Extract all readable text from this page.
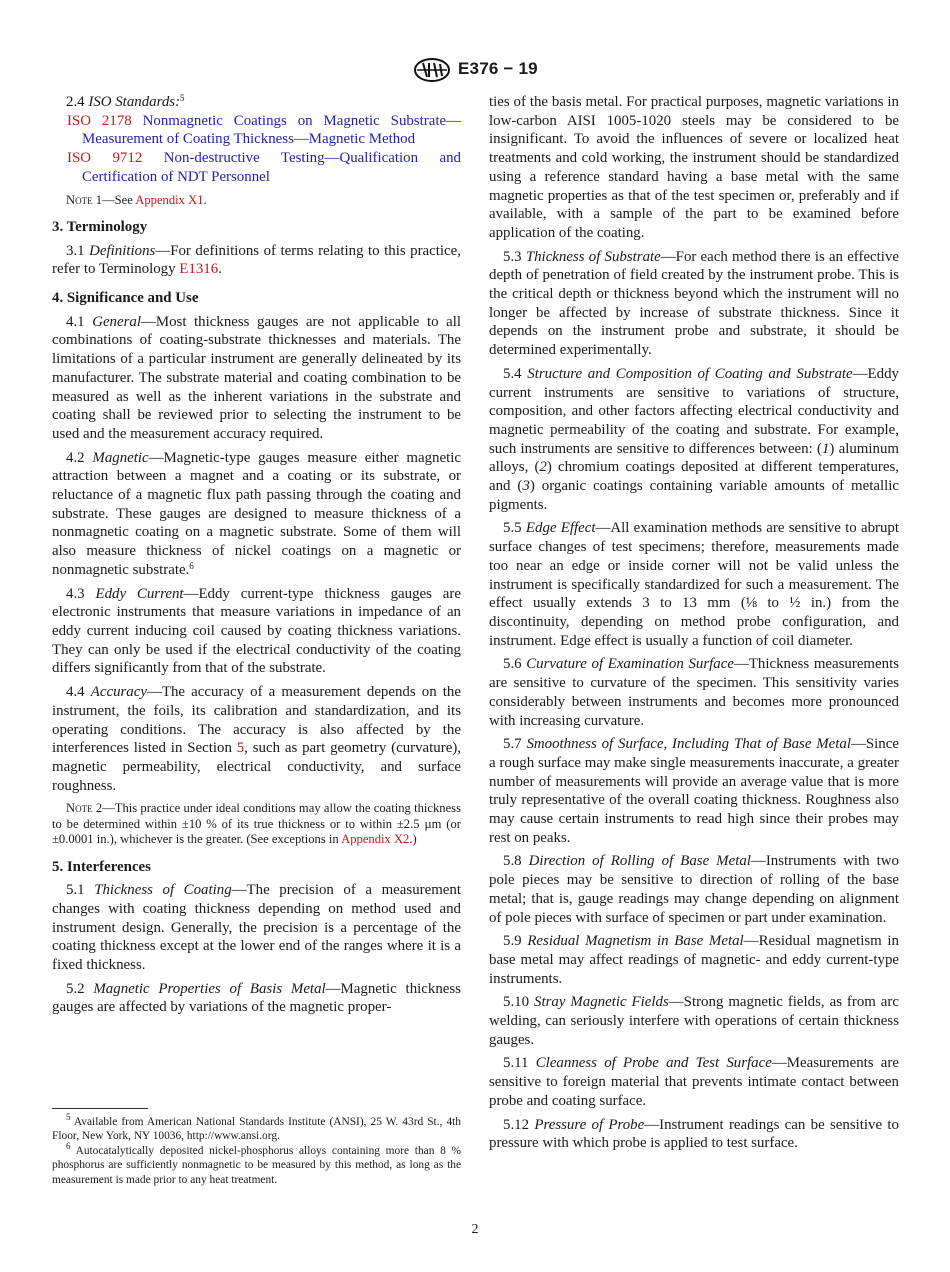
E376 − 19

2.4 ISO Standards:$^5$

ISO 2178 Nonmagnetic Coatings on Magnetic Substrate—Measurement of Coating Thickness—Magnetic Method

ISO 9712 Non-destructive Testing—Qualification and Certification of NDT Personnel

Note 1—See Appendix X1.

3. Terminology

3.1 Definitions—For definitions of terms relating to this practice, refer to Terminology E1316.

4. Significance and Use

4.1 General—Most thickness gauges are not applicable to all combinations of coating-substrate thicknesses and materials. The limitations of a particular instrument are generally delineated by its manufacturer. The substrate material and coating combination to be measured as well as the inherent variations in the substrate and coating shall be reviewed prior to selecting the instrument to be used and the measurement accuracy required.

4.2 Magnetic—Magnetic-type gauges measure either magnetic attraction between a magnet and a coating or its substrate, or reluctance of a magnetic flux path passing through the coating and substrate. These gauges are designed to measure thickness of a nonmagnetic coating on a magnetic substrate. Some of them will also measure thickness of nickel coatings on a magnetic or nonmagnetic substrate.$^6$

4.3 Eddy Current—Eddy current-type thickness gauges are electronic instruments that measure variations in impedance of an eddy current inducing coil caused by coating thickness variations. They can only be used if the electrical conductivity of the coating differs significantly from that of the substrate.

4.4 Accuracy—The accuracy of a measurement depends on the instrument, the foils, its calibration and standardization, and its operating conditions. The accuracy is also affected by the interferences listed in Section 5, such as part geometry (curvature), magnetic permeability, electrical conductivity, and surface roughness.

Note 2—This practice under ideal conditions may allow the coating thickness to be determined within ±10 % of its true thickness or to within ±2.5 µm (or ±0.0001 in.), whichever is the greater. (See exceptions in Appendix X2.)

5. Interferences

5.1 Thickness of Coating—The precision of a measurement changes with coating thickness depending on method used and instrument design. Generally, the precision is a percentage of the coating thickness except at the lower end of the ranges where it is a fixed thickness.

5.2 Magnetic Properties of Basis Metal—Magnetic thickness gauges are affected by variations of the magnetic proper-

$^5$ Available from American National Standards Institute (ANSI), 25 W. 43rd St., 4th Floor, New York, NY 10036, http://www.ansi.org.

$^6$ Autocatalytically deposited nickel-phosphorus alloys containing more than 8 % phosphorus are sufficiently nonmagnetic to be measured by this method, as long as the measurement is made prior to any heat treatment.

ties of the basis metal. For practical purposes, magnetic variations in low-carbon AISI 1005-1020 steels may be considered to be insignificant. To avoid the influences of severe or localized heat treatments and cold working, the instrument should be standardized using a reference standard having a base metal with the same magnetic properties as that of the test specimen or, preferably and if available, with a sample of the part to be examined before application of the coating.

5.3 Thickness of Substrate—For each method there is an effective depth of penetration of field created by the instrument probe. This is the critical depth or thickness beyond which the instrument will no longer be affected by increase of substrate thickness. Since it depends on the instrument probe and substrate, it should be determined experimentally.

5.4 Structure and Composition of Coating and Substrate—Eddy current instruments are sensitive to variations of structure, composition, and other factors affecting electrical conductivity and magnetic permeability of the coating and substrate. For example, such instruments are sensitive to differences between: (1) aluminum alloys, (2) chromium coatings deposited at different temperatures, and (3) organic coatings containing variable amounts of metallic pigments.

5.5 Edge Effect—All examination methods are sensitive to abrupt surface changes of test specimens; therefore, measurements made too near an edge or inside corner will not be valid unless the instrument is specifically standardized for such a measurement. The effect usually extends 3 to 13 mm (⅛ to ½ in.) from the discontinuity, depending on method probe configuration, and instrument. Edge effect is usually a function of coil diameter.

5.6 Curvature of Examination Surface—Thickness measurements are sensitive to curvature of the specimen. This sensitivity varies considerably between instruments and becomes more pronounced with increasing curvature.

5.7 Smoothness of Surface, Including That of Base Metal—Since a rough surface may make single measurements inaccurate, a greater number of measurements will provide an average value that is more truly representative of the overall coating thickness. Roughness also may cause certain instruments to read high since their probes may rest on peaks.

5.8 Direction of Rolling of Base Metal—Instruments with two pole pieces may be sensitive to direction of rolling of the base metal; that is, gauge readings may change depending on alignment of pole pieces with surface of specimen or part under examination.

5.9 Residual Magnetism in Base Metal—Residual magnetism in base metal may affect readings of magnetic- and eddy current-type instruments.

5.10 Stray Magnetic Fields—Strong magnetic fields, as from arc welding, can seriously interfere with operations of certain thickness gauges.

5.11 Cleanness of Probe and Test Surface—Measurements are sensitive to foreign material that prevents intimate contact between probe and coating surface.

5.12 Pressure of Probe—Instrument readings can be sensitive to pressure with which probe is applied to test surface.

2
